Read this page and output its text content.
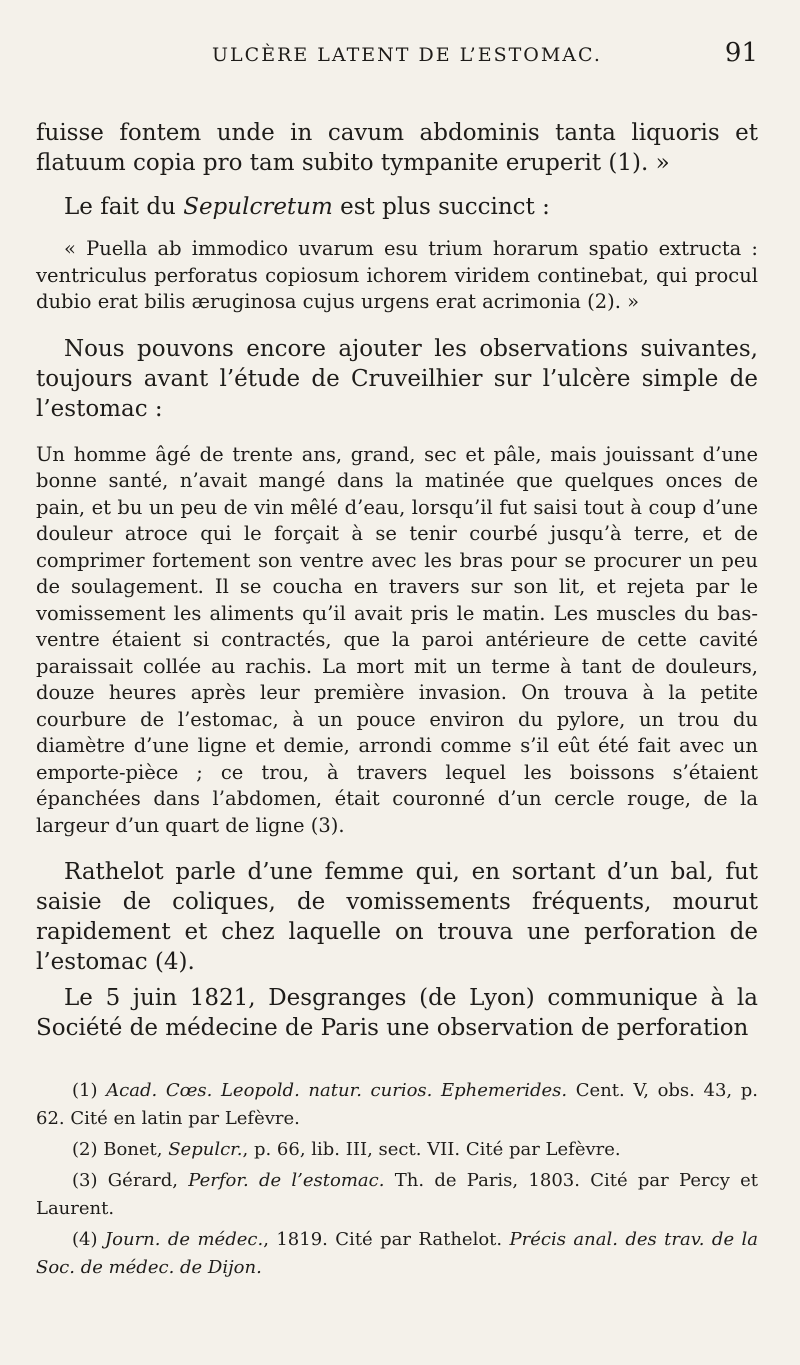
ULCÈRE LATENT DE L’ESTOMAC.	91

fuisse fontem unde in cavum abdominis tanta liquoris et flatuum copia pro tam subito tympanite eruperit (1). »

Le fait du Sepulcretum est plus succinct :

« Puella ab immodico uvarum esu trium horarum spatio extructa : ventriculus perforatus copiosum ichorem viridem continebat, qui procul dubio erat bilis æruginosa cujus urgens erat acrimonia (2). »

Nous pouvons encore ajouter les observations suivantes, toujours avant l’étude de Cruveilhier sur l’ulcère simple de l’estomac :

Un homme âgé de trente ans, grand, sec et pâle, mais jouissant d’une bonne santé, n’avait mangé dans la matinée que quelques onces de pain, et bu un peu de vin mêlé d’eau, lorsqu’il fut saisi tout à coup d’une douleur atroce qui le forçait à se tenir courbé jusqu’à terre, et de comprimer fortement son ventre avec les bras pour se procurer un peu de soulagement. Il se coucha en travers sur son lit, et rejeta par le vomissement les aliments qu’il avait pris le matin. Les muscles du bas-ventre étaient si contractés, que la paroi antérieure de cette cavité paraissait collée au rachis. La mort mit un terme à tant de douleurs, douze heures après leur première invasion. On trouva à la petite courbure de l’estomac, à un pouce environ du pylore, un trou du diamètre d’une ligne et demie, arrondi comme s’il eût été fait avec un emporte-pièce ; ce trou, à travers lequel les boissons s’étaient épanchées dans l’abdomen, était couronné d’un cercle rouge, de la largeur d’un quart de ligne (3).

Rathelot parle d’une femme qui, en sortant d’un bal, fut saisie de coliques, de vomissements fréquents, mourut rapidement et chez laquelle on trouva une perforation de l’estomac (4).

Le 5 juin 1821, Desgranges (de Lyon) communique à la Société de médecine de Paris une observation de perforation

(1) Acad. Cœs. Leopold. natur. curios. Ephemerides. Cent. V, obs. 43, p. 62. Cité en latin par Lefèvre.

(2) Bonet, Sepulcr., p. 66, lib. III, sect. VII. Cité par Lefèvre.

(3) Gérard, Perfor. de l’estomac. Th. de Paris, 1803. Cité par Percy et Laurent.

(4) Journ. de médec., 1819. Cité par Rathelot. Précis anal. des trav. de la Soc. de médec. de Dijon.
